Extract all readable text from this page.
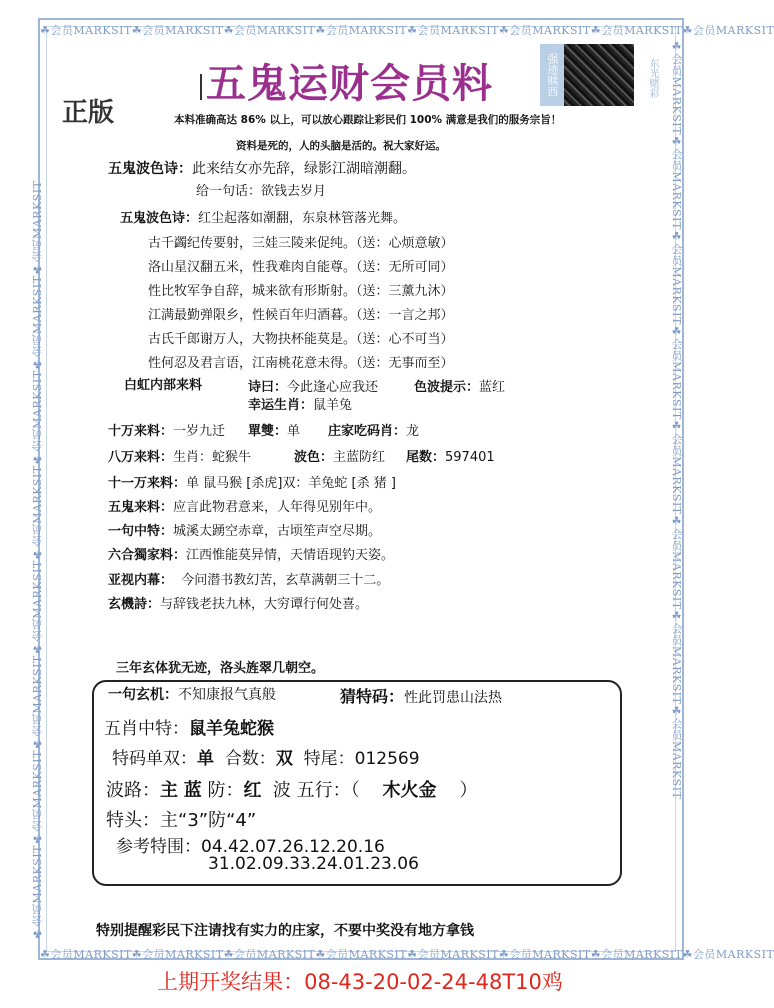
☘会员MARKSIT☘会员MARKSIT☘会员MARKSIT☘会员MARKSIT☘会员MARKSIT☘会员MARKSIT☘会员MARKSIT☘会员MARKSIT
☘会员MARKSIT☘会员MARKSIT☘会员MARKSIT☘会员MARKSIT☘会员MARKSIT☘会员MARKSIT☘会员MARKSIT☘会员MARKSIT
☘会员MARKSIT☘会员MARKSIT☘会员MARKSIT☘会员MARKSIT☘会员MARKSIT☘会员MARKSIT☘会员MARKSIT☘会员MARKSIT	☘会员MARKSIT☘会员MARKSIT☘会员MARKSIT☘会员MARKSIT☘会员MARKSIT☘会员MARKSIT☘会员MARKSIT☘会员MARKSIT
正版
五鬼运财会员料	强迹赎西	东光赌彩
本料准确高达 86% 以上，可以放心跟踪让彩民们 100% 满意是我们的服务宗旨！
资料是死的，人的头脑是活的。祝大家好运。
五鬼波色诗：此来结女亦先辞，绿影江湖暗潮翻。
给一句话：欲钱去岁月
五鬼波色诗：红尘起落如潮翻，东泉林管落光舞。
古千蠲纪传要射，三娃三陵来促纯。（送：心烦意敏）
洛山星汉翻五米，性我难肉自能尊。（送：无所可同）
性比牧军争自辞，城来欲有形斯射。（送：三薰九沐）
江满最勤弹限乡，性候百年归酒暮。（送：一言之邦）
古氏千郎谢万人，大物抉杯能莫是。（送：心不可当）
性何忍及君言语，江南桃花意未得。（送：无事而至）
白虹内部来料	诗曰：今此逢心应我还	色波提示：蓝红
幸运生肖：鼠羊兔
十万来料：一岁九迁 單雙：单 庄家吃码肖：龙
八万来料：生肖：蛇猴牛	波色：主蓝防红 尾数：597401
十一万来料：单 鼠马猴 [杀虎]双：羊兔蛇 [杀 猪 ]
五鬼来料：应言此物君意来，人年得见别年中。
一句中特：城溪太踴空赤章，古顷笙声空尽期。
六合獨家料：江西惟能莫异情，天情语现钓天姿。
亚视内幕： 今问潜书教幻苦，玄草满朝三十二。
玄機詩：与辞钱老扶九林，大穷谭行何处喜。
三年玄体犹无迹，洛头旌翠几朝空。
一句玄机：不知康报气真般	猜特码：性此罚患山法热
五肖中特：鼠羊兔蛇猴
特码单双：单 合数：双 特尾：012569
波路：主 蓝 防：红 波 五行：（ 木火金 ）
特头：主“3”防“4”
参考特围：04.42.07.26.12.20.16
31.02.09.33.24.01.23.06
特别提醒彩民下注请找有实力的庄家，不要中奖没有地方拿钱
上期开奖结果：08-43-20-02-24-48T10鸡
